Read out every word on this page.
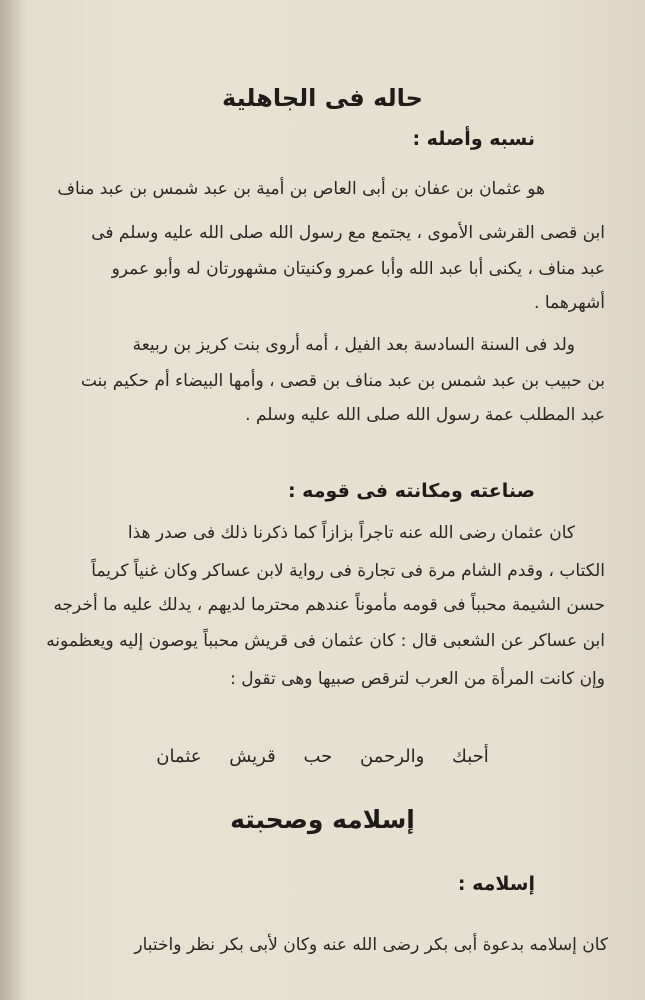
حاله فى الجاهلية
نسبه وأصله :
هو عثمان بن عفان بن أبى العاص بن أمية بن عبد شمس بن عبد مناف
ابن قصى القرشى الأموى ، يجتمع مع رسول الله صلى الله عليه وسلم فى
عبد مناف ، يكنى أبا عبد الله وأبا عمرو وكنيتان مشهورتان له وأبو عمرو
أشهرهما .
ولد فى السنة السادسة بعد الفيل ، أمه أروى بنت كريز بن ربيعة
بن حبيب بن عبد شمس بن عبد مناف بن قصى ، وأمها البيضاء أم حكيم بنت
عبد المطلب عمة رسول الله صلى الله عليه وسلم .
كان عثمان رضى الله عنه تاجراً بزازاً كما ذكرنا ذلك فى صدر هذا
الكتاب ، وقدم الشام مرة فى تجارة فى رواية لابن عساكر وكان غنياً كريماً
حسن الشيمة محبباً فى قومه مأموناً عندهم محترما لديهم ، يدلك عليه ما أخرجه
ابن عساكر عن الشعبى قال : كان عثمان فى قريش محبباً يوصون إليه ويعظمونه
وإن كانت المرأة من العرب لترقص صبيها وهى تقول :
صناعته ومكانته فى قومه :
أحبك والرحمن حب قريش عثمان
إسلامه وصحبته
إسلامه :
كان إسلامه بدعوة أبى بكر رضى الله عنه وكان لأبى بكر نظر واختبار
